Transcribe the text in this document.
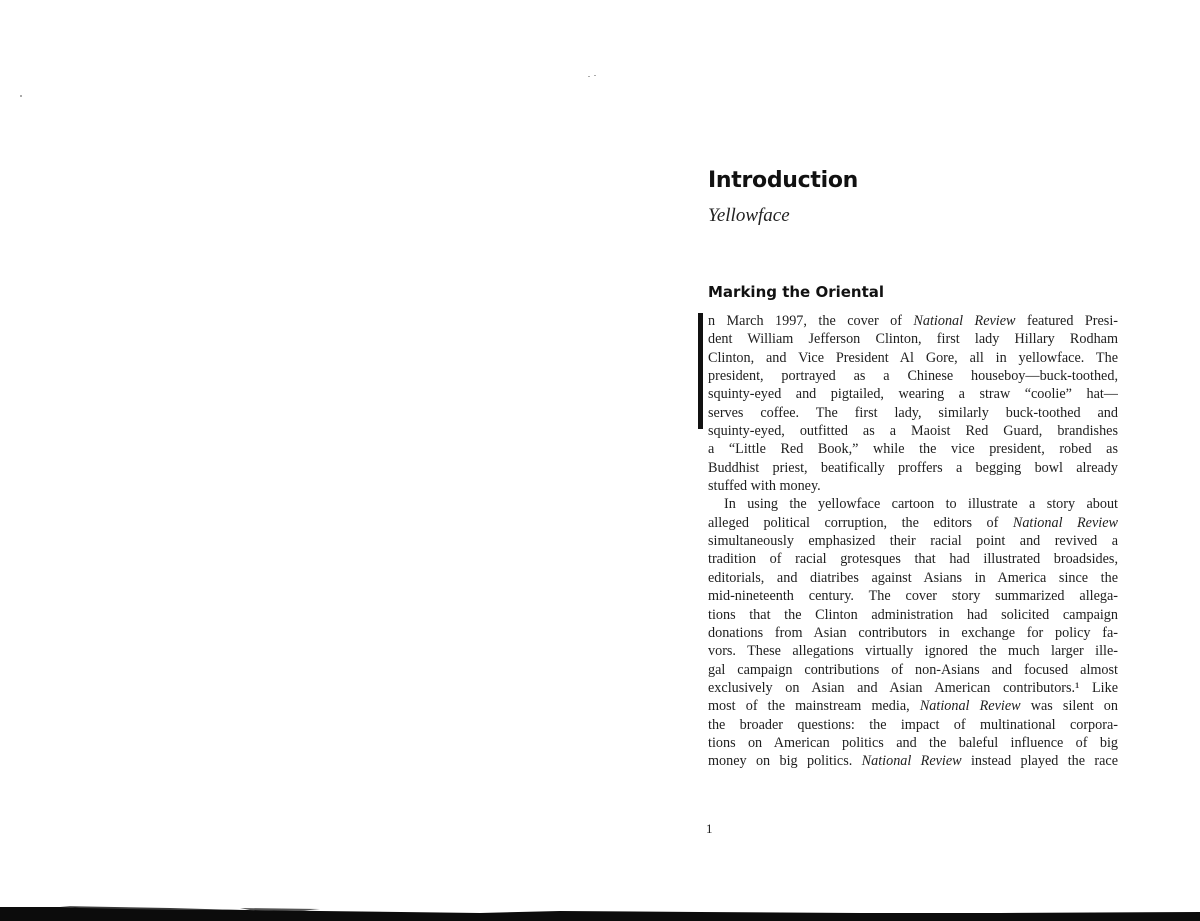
Introduction
Yellowface
Marking the Oriental
n March 1997, the cover of National Review featured Presi-
dent William Jefferson Clinton, first lady Hillary Rodham
Clinton, and Vice President Al Gore, all in yellowface. The
president, portrayed as a Chinese houseboy—buck-toothed,
squinty-eyed and pigtailed, wearing a straw “coolie” hat—
serves coffee. The first lady, similarly buck-toothed and
squinty-eyed, outfitted as a Maoist Red Guard, brandishes
a “Little Red Book,” while the vice president, robed as
Buddhist priest, beatifically proffers a begging bowl already
stuffed with money.
In using the yellowface cartoon to illustrate a story about
alleged political corruption, the editors of National Review
simultaneously emphasized their racial point and revived a
tradition of racial grotesques that had illustrated broadsides,
editorials, and diatribes against Asians in America since the
mid-nineteenth century. The cover story summarized allega-
tions that the Clinton administration had solicited campaign
donations from Asian contributors in exchange for policy fa-
vors. These allegations virtually ignored the much larger ille-
gal campaign contributions of non-Asians and focused almost
exclusively on Asian and Asian American contributors.¹ Like
most of the mainstream media, National Review was silent on
the broader questions: the impact of multinational corpora-
tions on American politics and the baleful influence of big
money on big politics. National Review instead played the race
1
